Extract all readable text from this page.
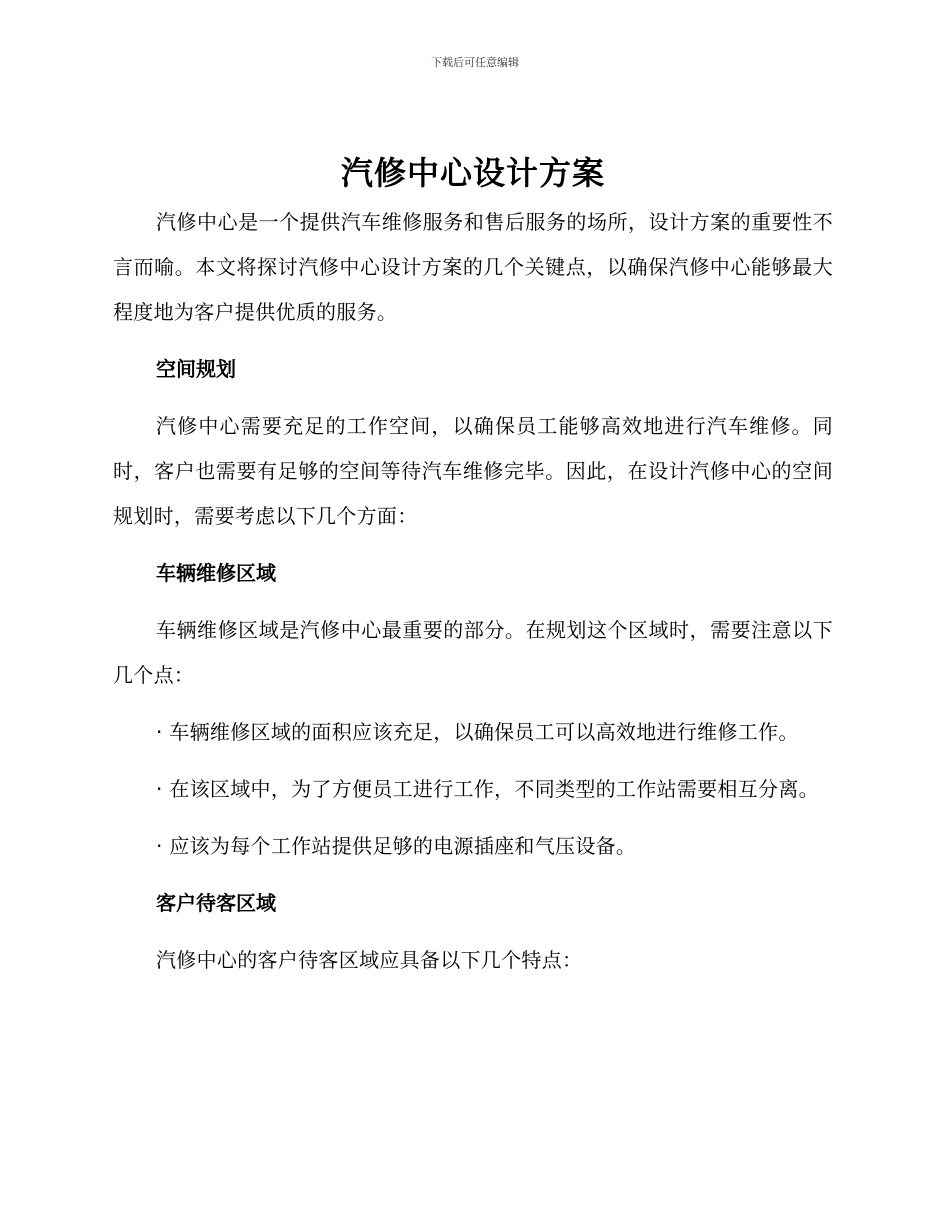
下载后可任意编辑
汽修中心设计方案

汽修中心是一个提供汽车维修服务和售后服务的场所，设计方案的重要性不言而喻。本文将探讨汽修中心设计方案的几个关键点，以确保汽修中心能够最大程度地为客户提供优质的服务。

空间规划

汽修中心需要充足的工作空间，以确保员工能够高效地进行汽车维修。同时，客户也需要有足够的空间等待汽车维修完毕。因此，在设计汽修中心的空间规划时，需要考虑以下几个方面：

车辆维修区域

车辆维修区域是汽修中心最重要的部分。在规划这个区域时，需要注意以下几个点：

· 车辆维修区域的面积应该充足，以确保员工可以高效地进行维修工作。

· 在该区域中，为了方便员工进行工作，不同类型的工作站需要相互分离。

· 应该为每个工作站提供足够的电源插座和气压设备。

客户待客区域

汽修中心的客户待客区域应具备以下几个特点：
